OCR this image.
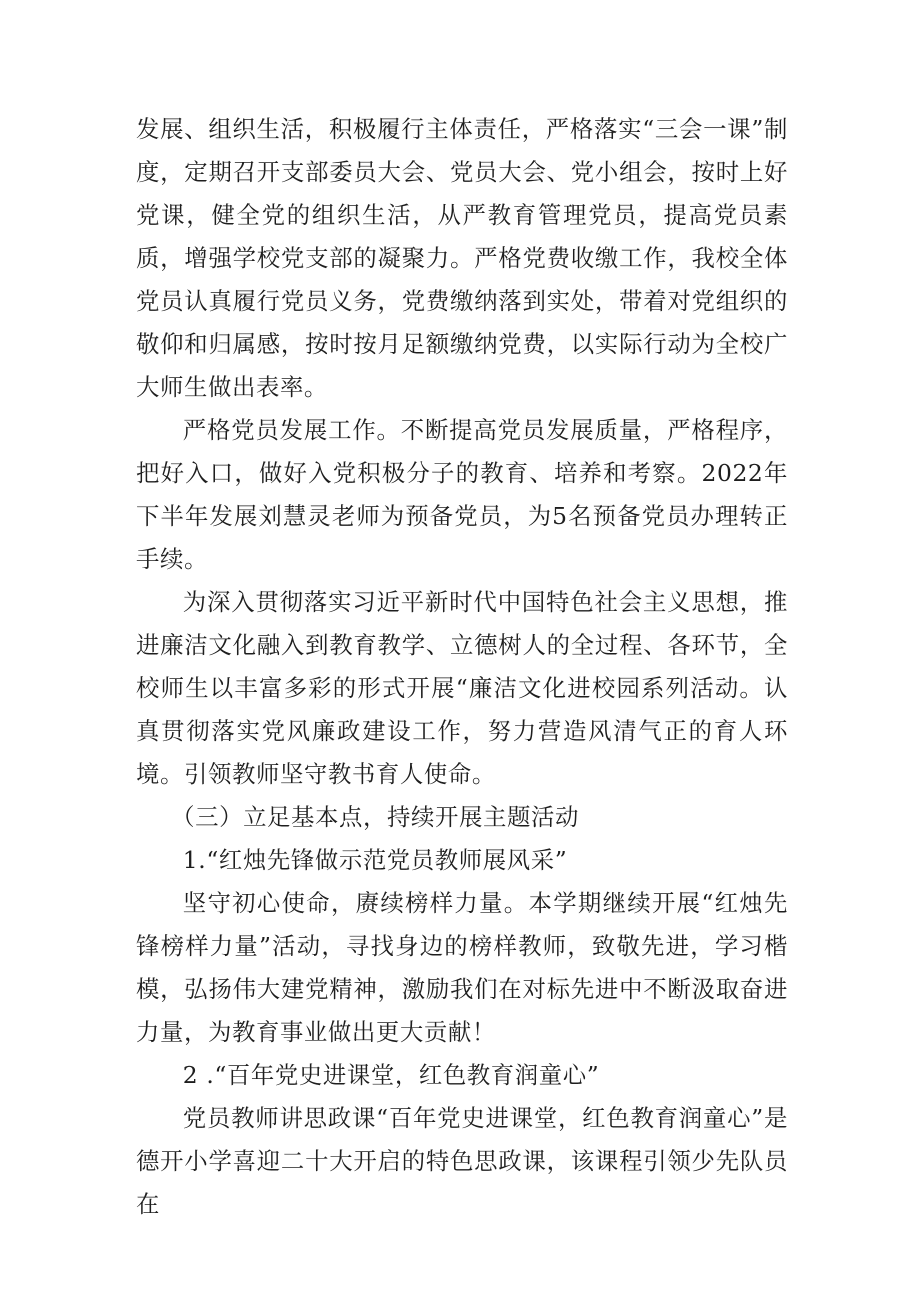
发展、组织生活，积极履行主体责任，严格落实“三会一课”制度，定期召开支部委员大会、党员大会、党小组会，按时上好党课，健全党的组织生活，从严教育管理党员，提高党员素质，增强学校党支部的凝聚力。严格党费收缴工作，我校全体党员认真履行党员义务，党费缴纳落到实处，带着对党组织的敬仰和归属感，按时按月足额缴纳党费，以实际行动为全校广大师生做出表率。

严格党员发展工作。不断提高党员发展质量，严格程序，把好入口，做好入党积极分子的教育、培养和考察。2022年下半年发展刘慧灵老师为预备党员，为5名预备党员办理转正手续。

为深入贯彻落实习近平新时代中国特色社会主义思想，推进廉洁文化融入到教育教学、立德树人的全过程、各环节，全校师生以丰富多彩的形式开展“廉洁文化进校园系列活动。认真贯彻落实党风廉政建设工作，努力营造风清气正的育人环境。引领教师坚守教书育人使命。

（三）立足基本点，持续开展主题活动

1.“红烛先锋做示范党员教师展风采”

坚守初心使命，赓续榜样力量。本学期继续开展“红烛先锋榜样力量”活动，寻找身边的榜样教师，致敬先进，学习楷模，弘扬伟大建党精神，激励我们在对标先进中不断汲取奋进力量，为教育事业做出更大贡献！

2 .“百年党史进课堂，红色教育润童心”

党员教师讲思政课“百年党史进课堂，红色教育润童心”是德开小学喜迎二十大开启的特色思政课，该课程引领少先队员在
